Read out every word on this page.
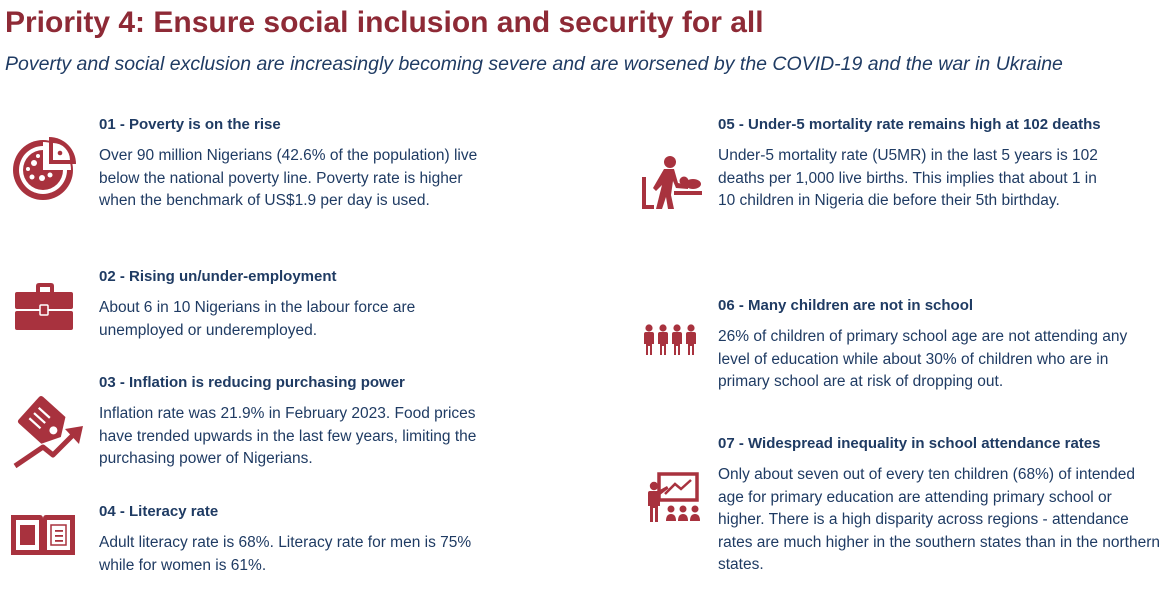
Priority 4: Ensure social inclusion and security for all

Poverty and social exclusion are increasingly becoming severe and are worsened by the COVID-19 and the war in Ukraine

01 - Poverty is on the rise

Over 90 million Nigerians (42.6% of the population) live below the national poverty line. Poverty rate is higher when the benchmark of US$1.9 per day is used.

02 - Rising un/under-employment

About 6 in 10 Nigerians in the labour force are unemployed or underemployed.

03 - Inflation is reducing purchasing power

Inflation rate was 21.9% in February 2023. Food prices have trended upwards in the last few years, limiting the purchasing power of Nigerians.

04 - Literacy rate

Adult literacy rate is 68%. Literacy rate for men is 75% while for women is 61%.

05 - Under-5 mortality rate remains high at 102 deaths

Under-5 mortality rate (U5MR) in the last 5 years is 102 deaths per 1,000 live births. This implies that about 1 in 10 children in Nigeria die before their 5th birthday.

06 - Many children are not in school

26% of children of primary school age are not attending any level of education while about 30% of children who are in primary school are at risk of dropping out.

07 - Widespread inequality in school attendance rates

Only about seven out of every ten children (68%) of intended age for primary education are attending primary school or higher. There is a high disparity across regions - attendance rates are much higher in the southern states than in the northern states.
